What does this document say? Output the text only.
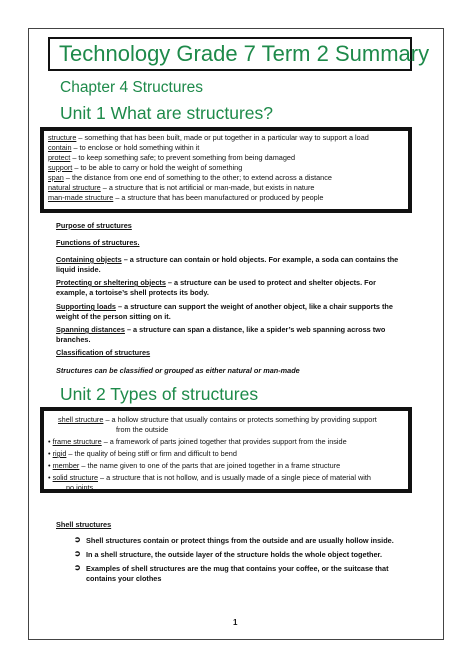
Technology Grade 7 Term 2 Summary
Chapter 4 Structures
Unit 1 What are structures?
structure – something that has been built, made or put together in a particular way to support a load
contain – to enclose or hold something within it
protect – to keep something safe; to prevent something from being damaged
support – to be able to carry or hold the weight of something
span – the distance from one end of something to the other; to extend across a distance
natural structure – a structure that is not artificial or man-made, but exists in nature
man-made structure – a structure that has been manufactured or produced by people
Purpose of structures
Functions of structures.
Containing objects – a structure can contain or hold objects. For example, a soda can contains the
liquid inside.
Protecting or sheltering objects – a structure can be used to protect and shelter objects. For
example, a tortoise’s shell protects its body.
Supporting loads – a structure can support the weight of another object, like a chair supports the
weight of the person sitting on it.
Spanning distances – a structure can span a distance, like a spider’s web spanning across two
branches.
Classification of structures
Structures can be classified or grouped as either natural or man-made
Unit 2 Types of structures
shell structure – a hollow structure that usually contains or protects something by providing support
from the outside
• frame structure – a framework of parts joined together that provides support from the inside
• rigid – the quality of being stiff or firm and difficult to bend
• member – the name given to one of the parts that are joined together in a frame structure
• solid structure – a structure that is not hollow, and is usually made of a single piece of material with
no joints
Shell structures
➲ Shell structures contain or protect things from the outside and are usually hollow inside.
➲ In a shell structure, the outside layer of the structure holds the whole object together.
➲ Examples of shell structures are the mug that contains your coffee, or the suitcase that
contains your clothes
1
